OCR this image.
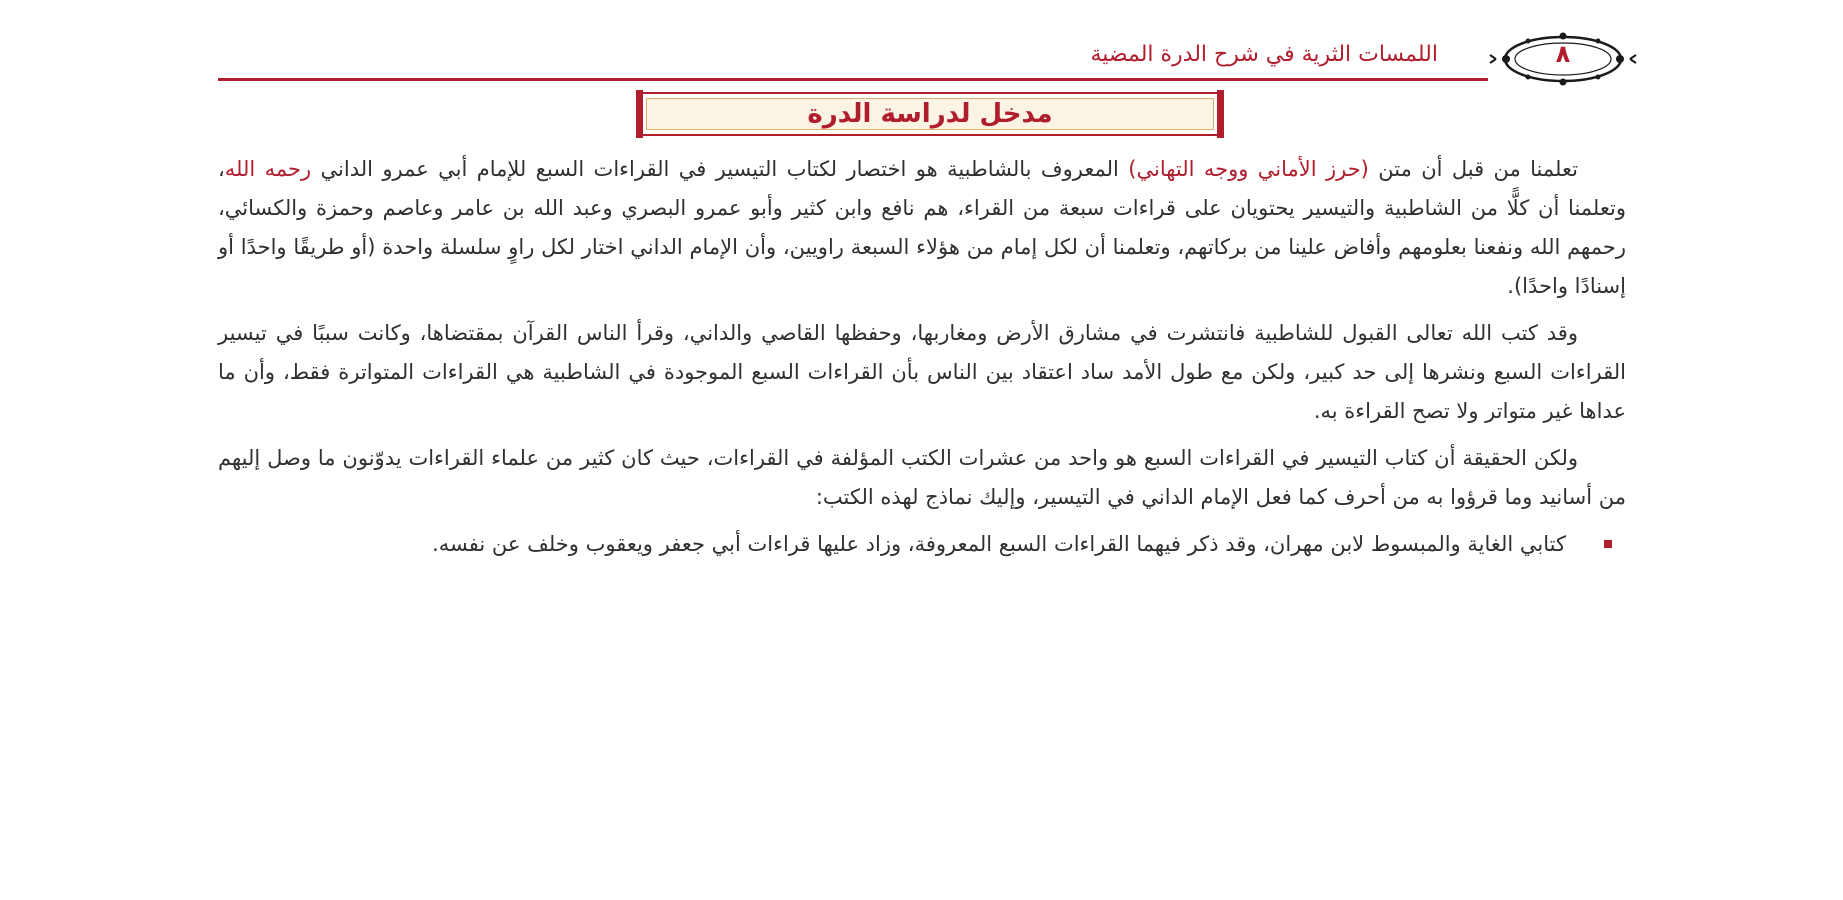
اللمسات الثرية في شرح الدرة المضية	٨
مدخل لدراسة الدرة

تعلمنا من قبل أن متن (حرز الأماني ووجه التهاني) المعروف بالشاطبية هو اختصار لكتاب التيسير في القراءات السبع للإمام أبي عمرو الداني رحمه الله، وتعلمنا أن كلًّا من الشاطبية والتيسير يحتويان على قراءات سبعة من القراء، هم نافع وابن كثير وأبو عمرو البصري وعبد الله بن عامر وعاصم وحمزة والكسائي، رحمهم الله ونفعنا بعلومهم وأفاض علينا من بركاتهم، وتعلمنا أن لكل إمام من هؤلاء السبعة راويين، وأن الإمام الداني اختار لكل راوٍ سلسلة واحدة (أو طريقًا واحدًا أو إسنادًا واحدًا).

وقد كتب الله تعالى القبول للشاطبية فانتشرت في مشارق الأرض ومغاربها، وحفظها القاصي والداني، وقرأ الناس القرآن بمقتضاها، وكانت سببًا في تيسير القراءات السبع ونشرها إلى حد كبير، ولكن مع طول الأمد ساد اعتقاد بين الناس بأن القراءات السبع الموجودة في الشاطبية هي القراءات المتواترة فقط، وأن ما عداها غير متواتر ولا تصح القراءة به.

ولكن الحقيقة أن كتاب التيسير في القراءات السبع هو واحد من عشرات الكتب المؤلفة في القراءات، حيث كان كثير من علماء القراءات يدوّنون ما وصل إليهم من أسانيد وما قرؤوا به من أحرف كما فعل الإمام الداني في التيسير، وإليك نماذج لهذه الكتب:

كتابي الغاية والمبسوط لابن مهران، وقد ذكر فيهما القراءات السبع المعروفة، وزاد عليها قراءات أبي جعفر ويعقوب وخلف عن نفسه.
